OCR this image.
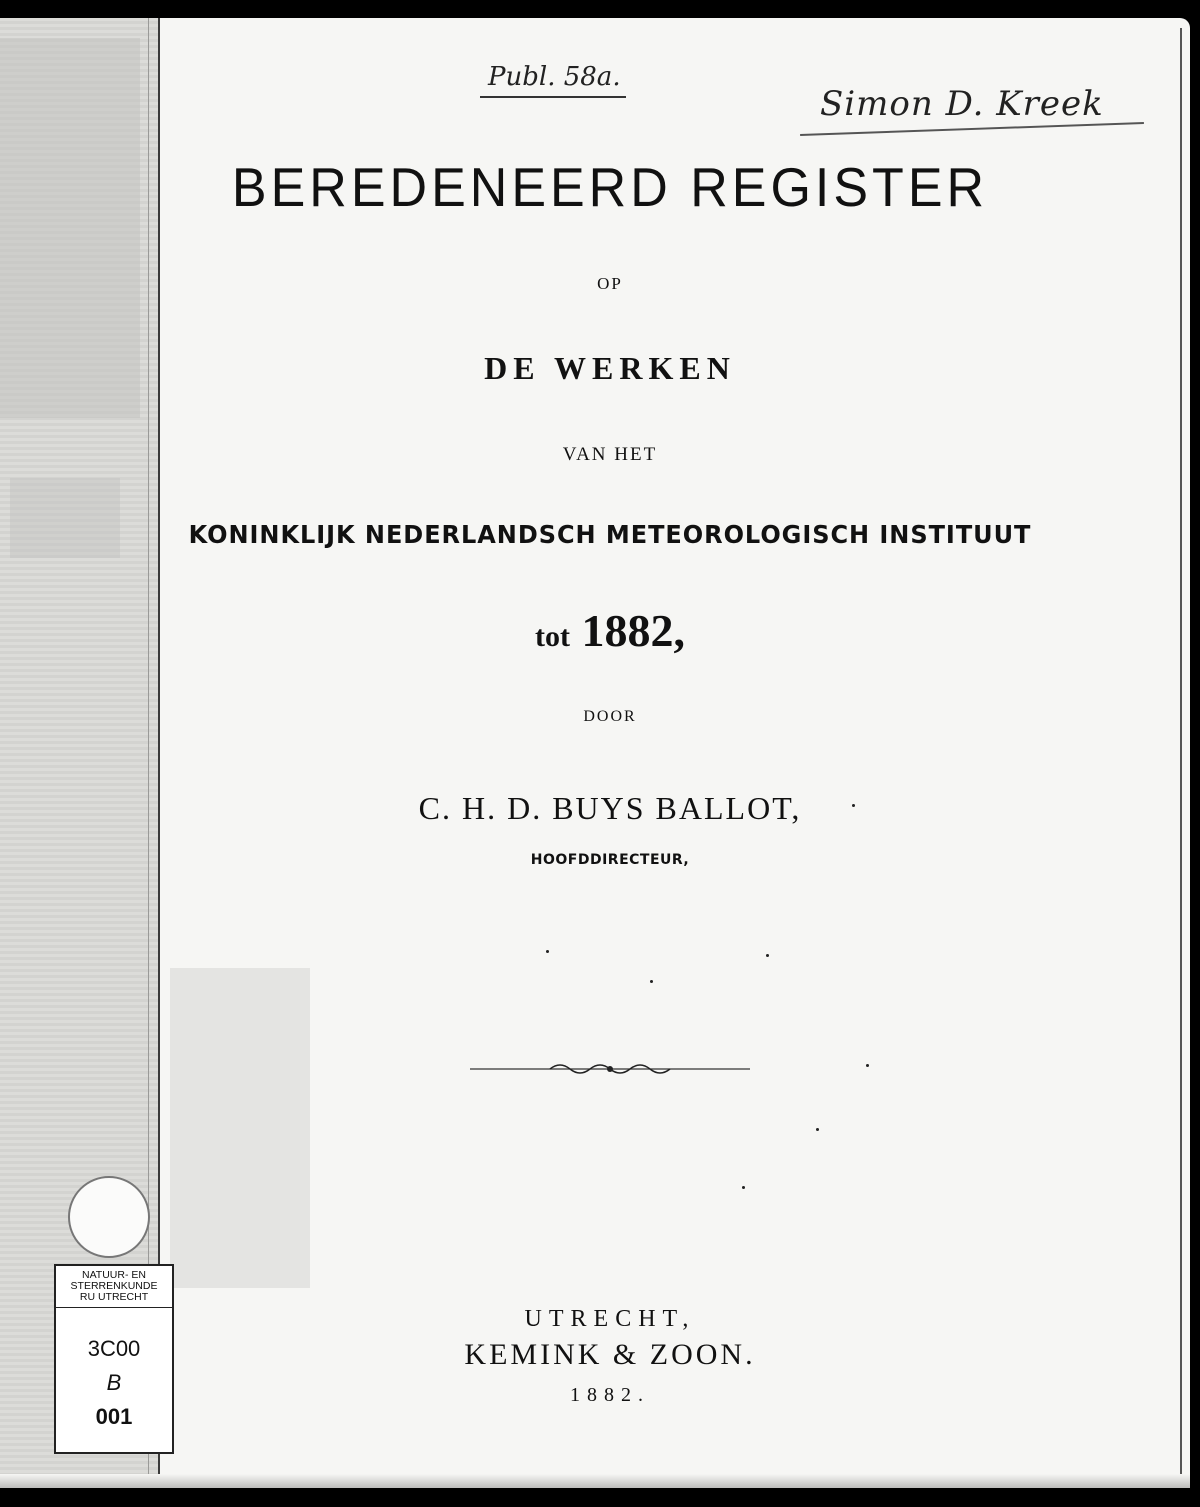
Publ. 58a.
Simon D. Kreek
BEREDENEERD REGISTER
OP
DE WERKEN
VAN HET
KONINKLIJK NEDERLANDSCH METEOROLOGISCH INSTITUUT
tot 1882,
DOOR
C. H. D. BUYS BALLOT,
HOOFDDIRECTEUR,
UTRECHT,
KEMINK & ZOON.
1882.
NATUUR- EN
STERRENKUNDE
RU UTRECHT
3C00
B
001
